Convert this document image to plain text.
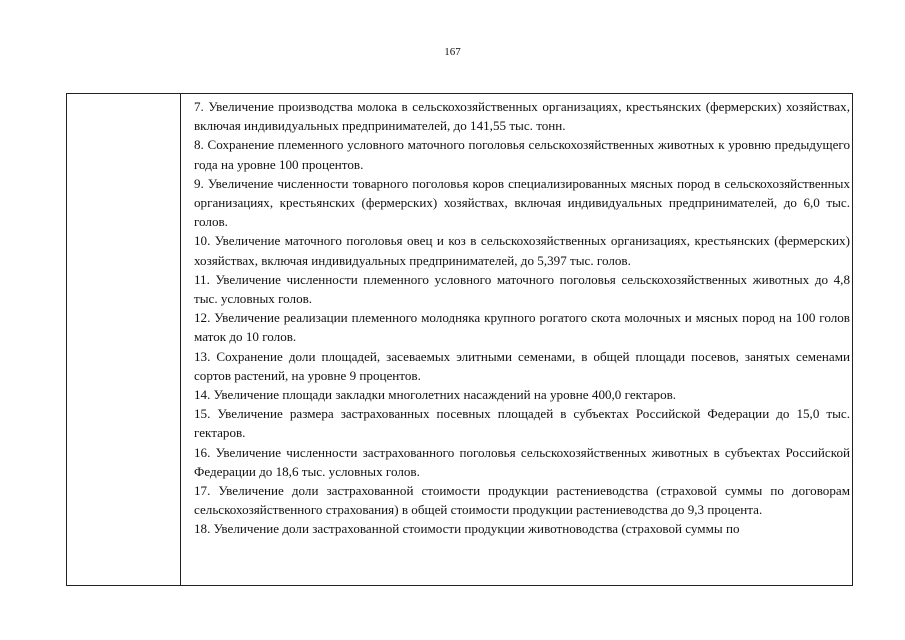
167

7. Увеличение производства молока в сельскохозяйственных организациях, крестьянских (фермерских) хозяйствах, включая индивидуальных предпринимателей, до 141,55 тыс. тонн.

8. Сохранение племенного условного маточного поголовья сельскохозяйственных животных к уровню предыдущего года на уровне 100 процентов.

9. Увеличение численности товарного поголовья коров специализированных мясных пород в сельскохозяйственных организациях, крестьянских (фермерских) хозяйствах, включая индивидуальных предпринимателей, до 6,0 тыс. голов.

10. Увеличение маточного поголовья овец и коз в сельскохозяйственных организациях, крестьянских (фермерских) хозяйствах, включая индивидуальных предпринимателей, до 5,397 тыс. голов.

11. Увеличение численности племенного условного маточного поголовья сельскохозяйственных животных до 4,8 тыс. условных голов.

12. Увеличение реализации племенного молодняка крупного рогатого скота молочных и мясных пород на 100 голов маток до 10 голов.

13. Сохранение доли площадей, засеваемых элитными семенами, в общей площади посевов, занятых семенами сортов растений, на уровне 9 процентов.

14. Увеличение площади закладки многолетних насаждений на уровне 400,0 гектаров.

15. Увеличение размера застрахованных посевных площадей в субъектах Российской Федерации до 15,0 тыс. гектаров.

16. Увеличение численности застрахованного поголовья сельскохозяйственных животных в субъектах Российской Федерации до 18,6 тыс. условных голов.

17. Увеличение доли застрахованной стоимости продукции растениеводства (страховой суммы по договорам сельскохозяйственного страхования) в общей стоимости продукции растениеводства до 9,3 процента.

18. Увеличение доли застрахованной стоимости продукции животноводства (страховой суммы по
